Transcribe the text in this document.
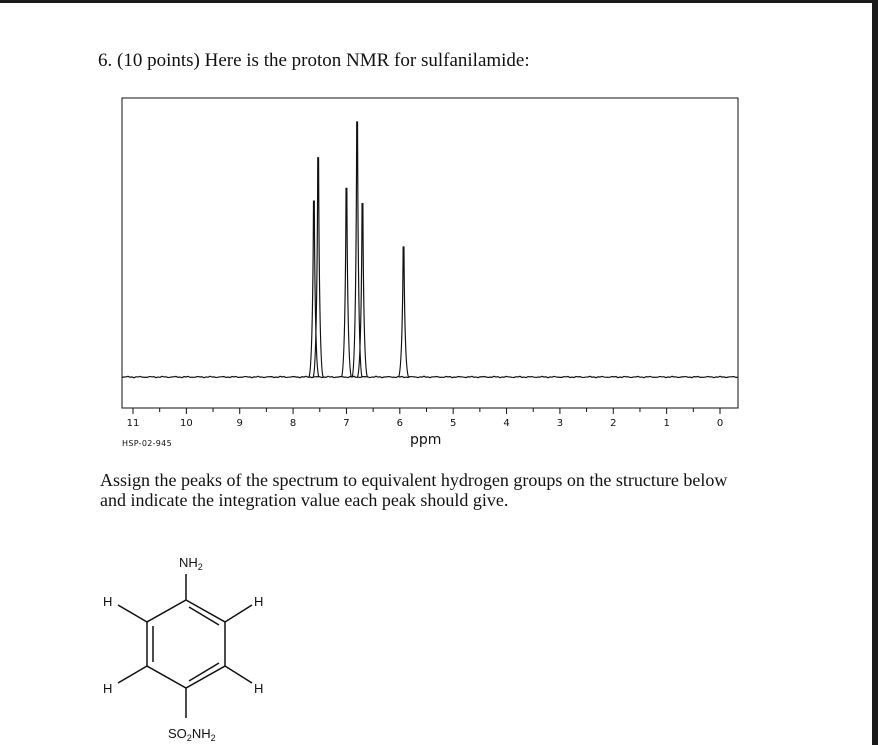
6. (10 points) Here is the proton NMR for sulfanilamide:
11	10	9	8	7	6	5	4	3	2	1	0
HSP-02-945	ppm
Assign the peaks of the spectrum to equivalent hydrogen groups on the structure below
and indicate the integration value each peak should give.
$NH_2$
$SO_2NH_2$
H	H
H	H
